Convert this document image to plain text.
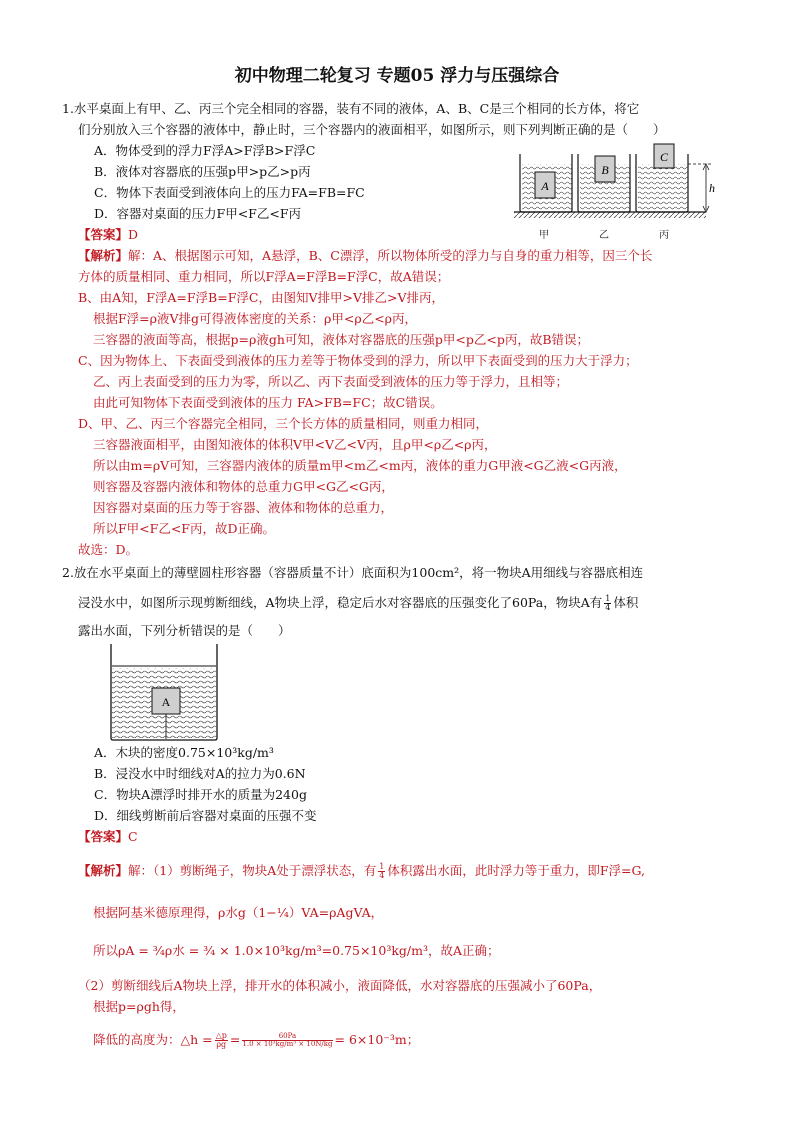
初中物理二轮复习 专题05 浮力与压强综合
1.水平桌面上有甲、乙、丙三个完全相同的容器，装有不同的液体，A、B、C是三个相同的长方体，将它
们分别放入三个容器的液体中，静止时，三个容器内的液面相平，如图所示，则下列判断正确的是（　　）
A．物体受到的浮力F浮A>F浮B>F浮C
B．液体对容器底的压强p甲>p乙>p丙
C．物体下表面受到液体向上的压力FA=FB=FC
D．容器对桌面的压力F甲<F乙<F丙
【答案】D
A
B
C
h
甲	乙	丙
【解析】解：A、根据图示可知，A悬浮，B、C漂浮，所以物体所受的浮力与自身的重力相等，因三个长
方体的质量相同、重力相同，所以F浮A=F浮B=F浮C，故A错误；
B、由A知，F浮A=F浮B=F浮C，由图知V排甲>V排乙>V排丙，
根据F浮=ρ液V排g可得液体密度的关系：ρ甲<ρ乙<ρ丙，
三容器的液面等高，根据p=ρ液gh可知，液体对容器底的压强p甲<p乙<p丙，故B错误；
C、因为物体上、下表面受到液体的压力差等于物体受到的浮力，所以甲下表面受到的压力大于浮力；
乙、丙上表面受到的压力为零，所以乙、丙下表面受到液体的压力等于浮力，且相等；
由此可知物体下表面受到液体的压力 FA>FB=FC；故C错误。
D、甲、乙、丙三个容器完全相同，三个长方体的质量相同，则重力相同，
三容器液面相平，由图知液体的体积V甲<V乙<V丙，且ρ甲<ρ乙<ρ丙，
所以由m=ρV可知，三容器内液体的质量m甲<m乙<m丙，液体的重力G甲液<G乙液<G丙液，
则容器及容器内液体和物体的总重力G甲<G乙<G丙，
因容器对桌面的压力等于容器、液体和物体的总重力，
所以F甲<F乙<F丙，故D正确。
故选：D。
2.放在水平桌面上的薄壁圆柱形容器（容器质量不计）底面积为100cm²，将一物块A用细线与容器底相连
浸没水中，如图所示现剪断细线，A物块上浮，稳定后水对容器底的压强变化了60Pa，物块A有 $\frac{1}{4}$ 体积
露出水面，下列分析错误的是（　　）
A
A．木块的密度0.75×10³kg/m³
B．浸没水中时细线对A的拉力为0.6N
C．物块A漂浮时排开水的质量为240g
D．细线剪断前后容器对桌面的压强不变
【答案】C
【解析】解：（1）剪断绳子，物块A处于漂浮状态，有 $\frac{1}{4}$ 体积露出水面，此时浮力等于重力，即F浮=G,
根据阿基米德原理得，ρ水g（1−¼）VA=ρAgVA，
所以ρA = ¾ρ水 = ¾ × 1.0×10³kg/m³=0.75×10³kg/m³，故A正确；
（2）剪断细线后A物块上浮，排开水的体积减小，液面降低，水对容器底的压强减小了60Pa，
根据p=ρgh得，
降低的高度为：△h = $\frac{\triangle p}{\rho g} = \frac{60Pa}{\text{1.0 × 10³kg/m³ × 10N/kg}} = 6\times 10^{-3}m$；
